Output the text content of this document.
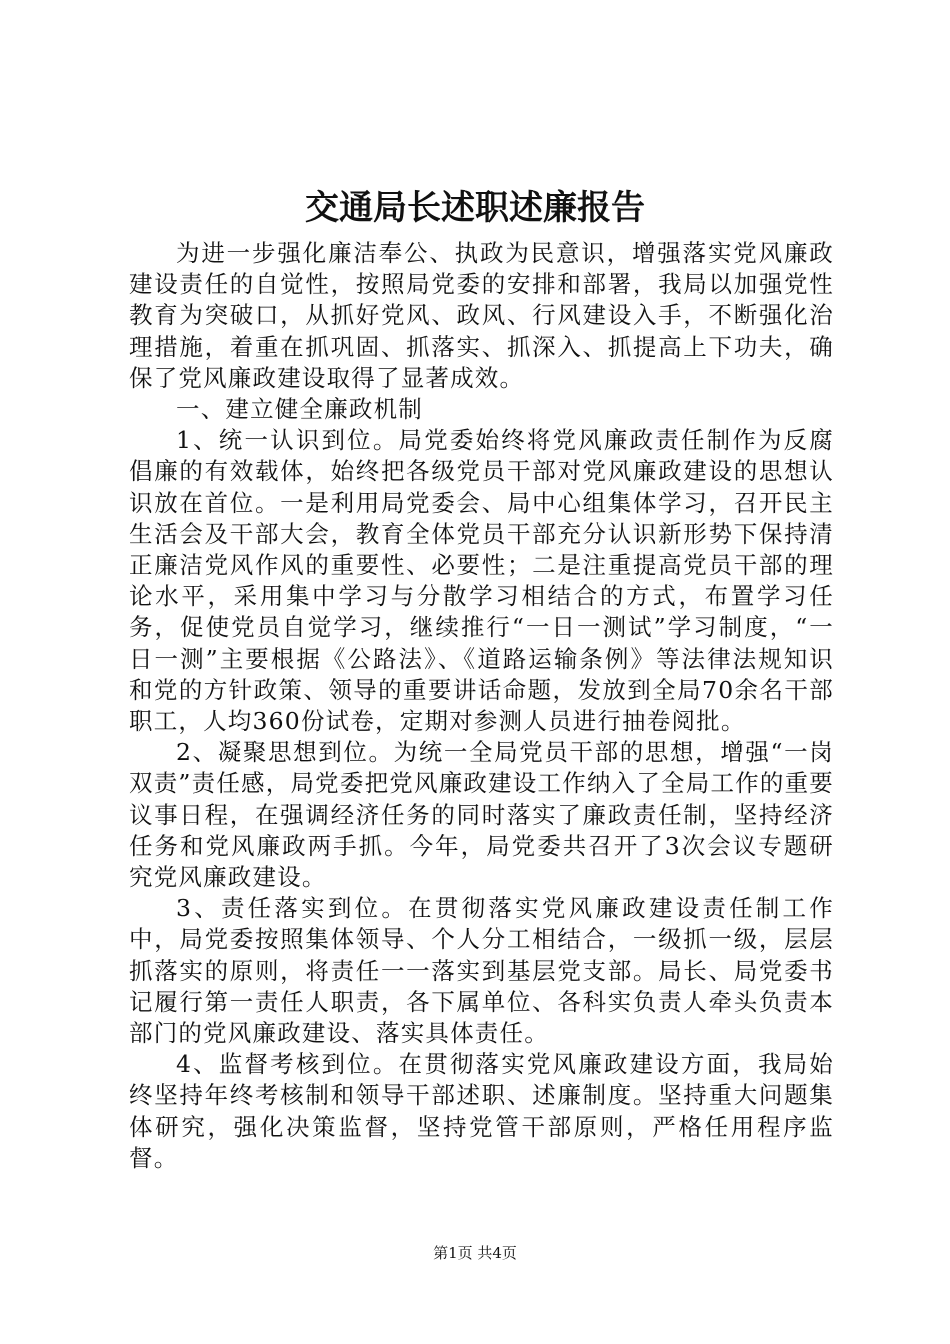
交通局长述职述廉报告

为进一步强化廉洁奉公、执政为民意识，增强落实党风廉政建设责任的自觉性，按照局党委的安排和部署，我局以加强党性教育为突破口，从抓好党风、政风、行风建设入手，不断强化治理措施，着重在抓巩固、抓落实、抓深入、抓提高上下功夫，确保了党风廉政建设取得了显著成效。

一、建立健全廉政机制

1、统一认识到位。局党委始终将党风廉政责任制作为反腐倡廉的有效载体，始终把各级党员干部对党风廉政建设的思想认识放在首位。一是利用局党委会、局中心组集体学习，召开民主生活会及干部大会，教育全体党员干部充分认识新形势下保持清正廉洁党风作风的重要性、必要性；二是注重提高党员干部的理论水平，采用集中学习与分散学习相结合的方式，布置学习任务，促使党员自觉学习，继续推行“一日一测试”学习制度，“一日一测”主要根据《公路法》、《道路运输条例》等法律法规知识和党的方针政策、领导的重要讲话命题，发放到全局70余名干部职工，人均360份试卷，定期对参测人员进行抽卷阅批。

2、凝聚思想到位。为统一全局党员干部的思想，增强“一岗双责”责任感，局党委把党风廉政建设工作纳入了全局工作的重要议事日程，在强调经济任务的同时落实了廉政责任制，坚持经济任务和党风廉政两手抓。今年，局党委共召开了3次会议专题研究党风廉政建设。

3、责任落实到位。在贯彻落实党风廉政建设责任制工作中，局党委按照集体领导、个人分工相结合，一级抓一级，层层抓落实的原则，将责任一一落实到基层党支部。局长、局党委书记履行第一责任人职责，各下属单位、各科实负责人牵头负责本部门的党风廉政建设、落实具体责任。

4、监督考核到位。在贯彻落实党风廉政建设方面，我局始终坚持年终考核制和领导干部述职、述廉制度。坚持重大问题集体研究，强化决策监督，坚持党管干部原则，严格任用程序监督。

第1页 共4页
